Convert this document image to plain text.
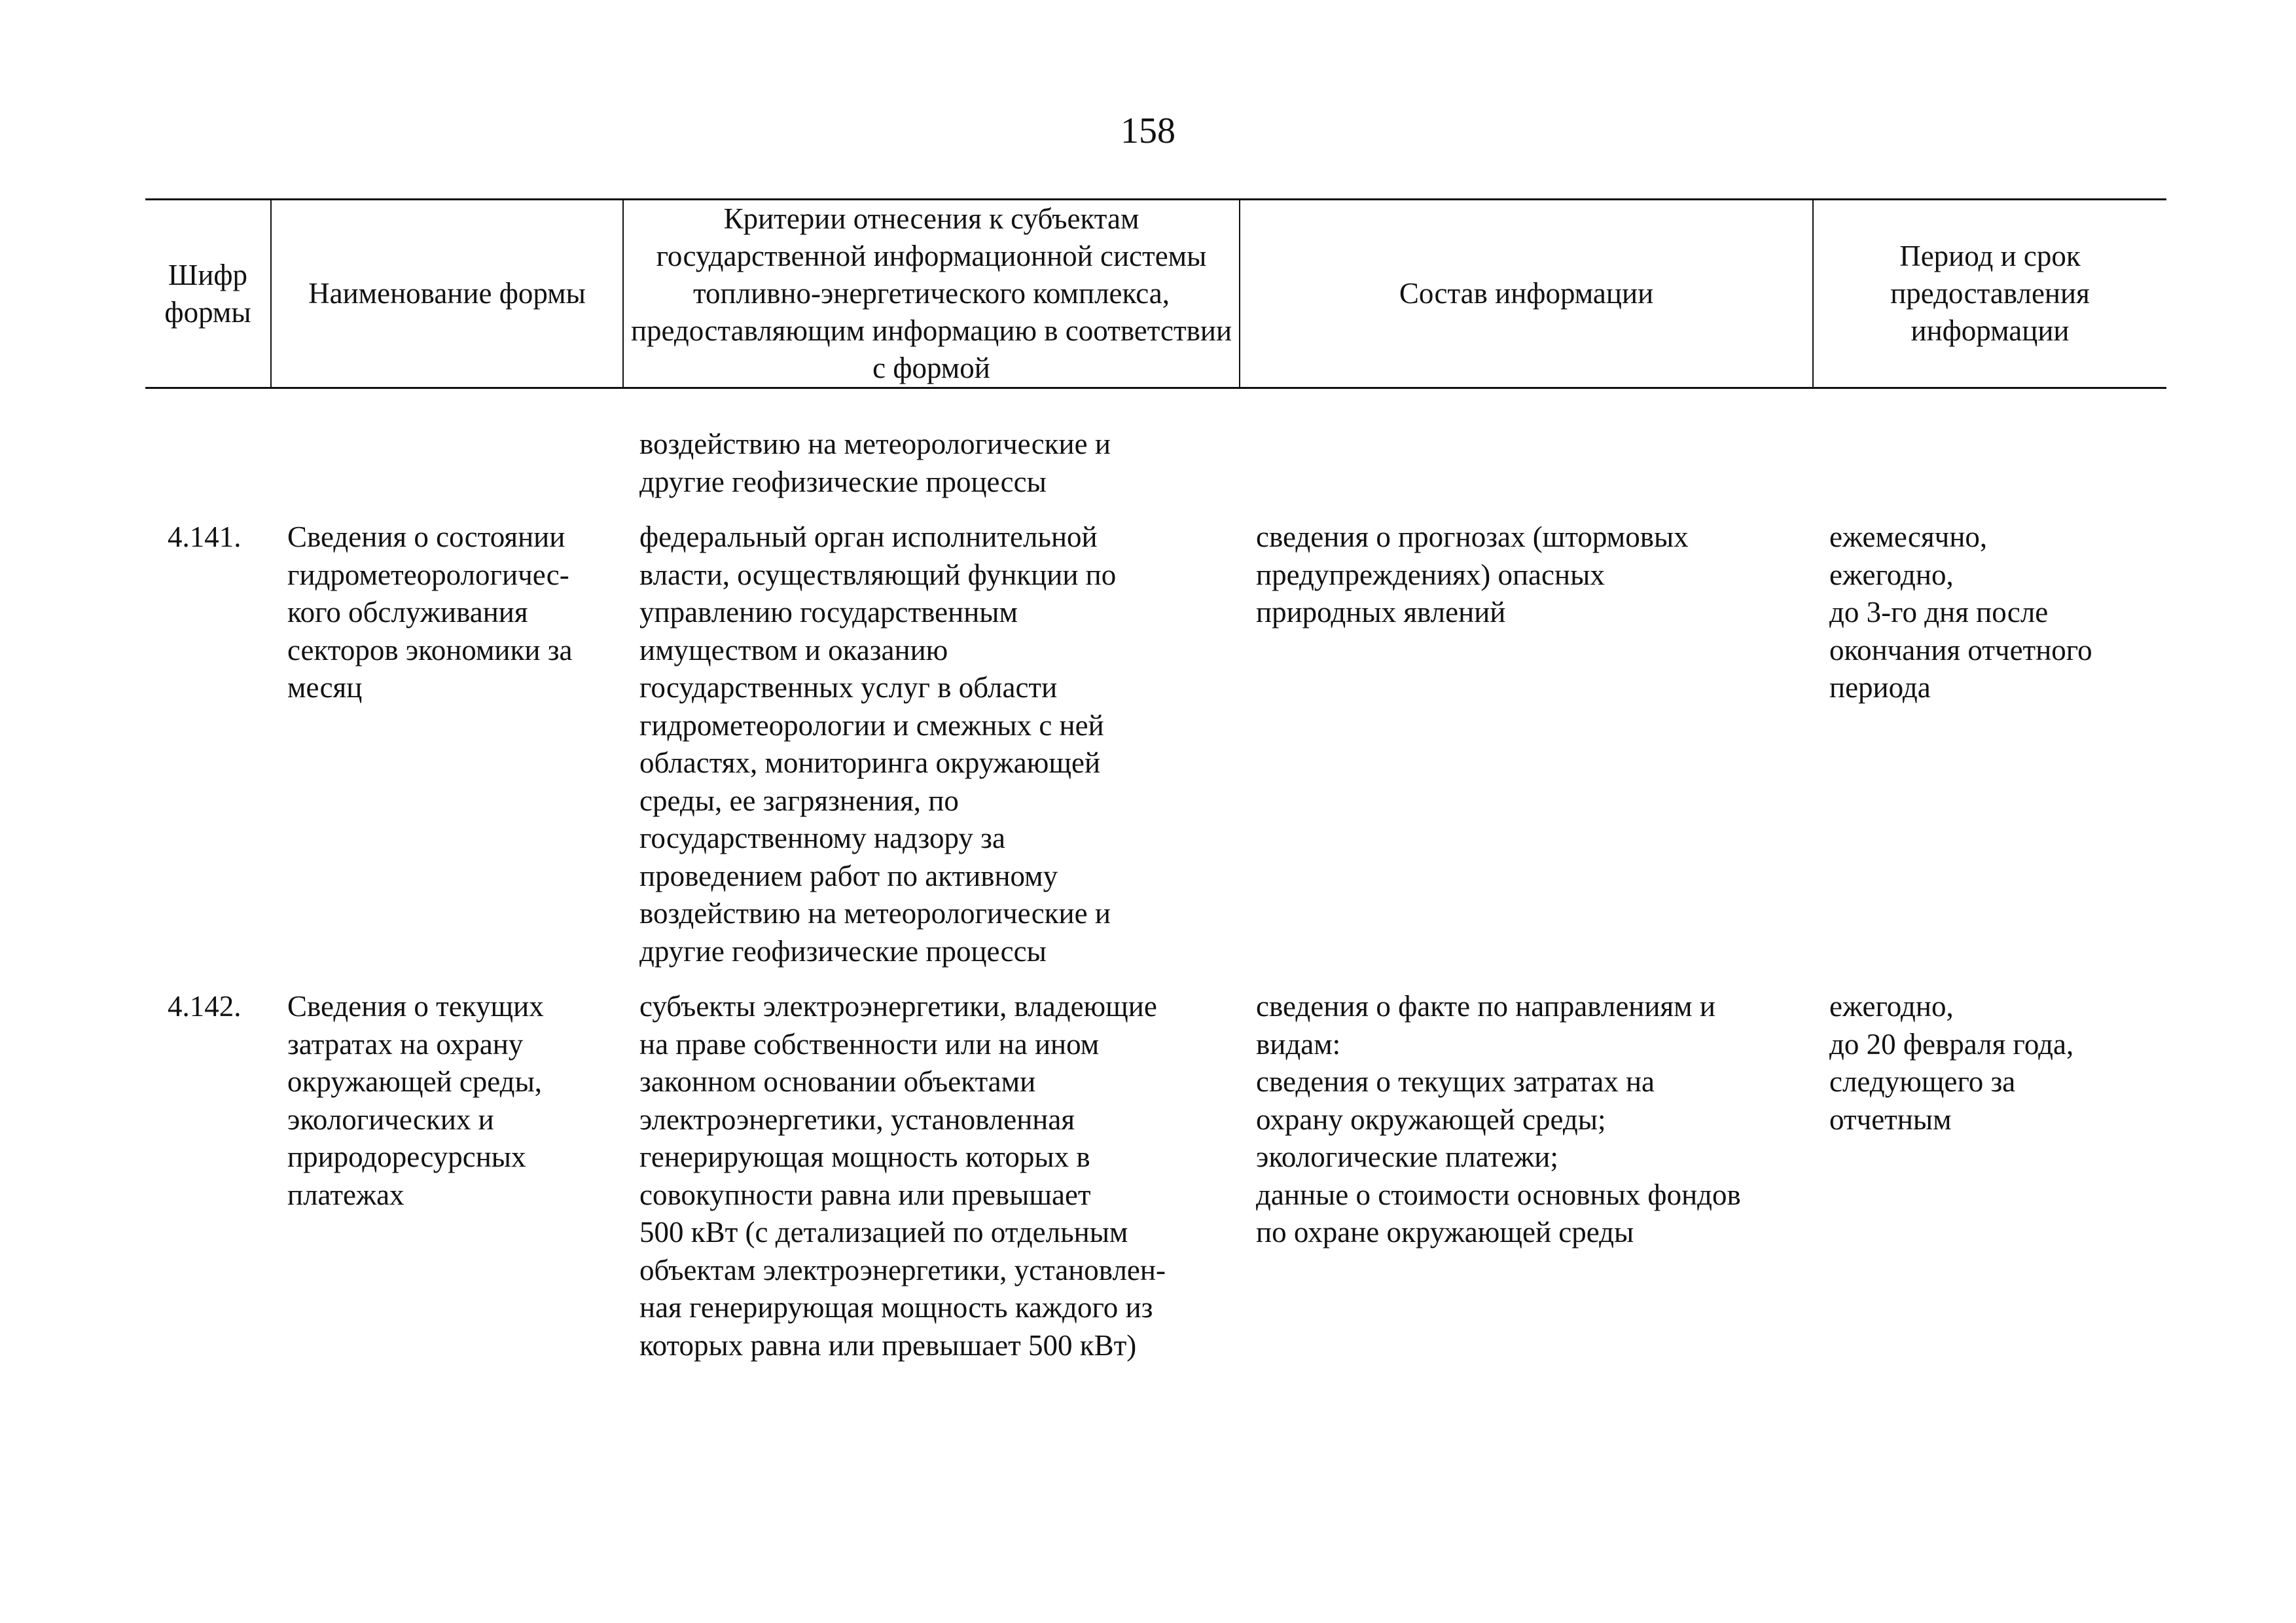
158
Шифр формы
Наименование формы
Критерии отнесения к субъектам государственной информационной системы топливно-энергетического комплекса, предоставляющим информацию в соответствии с формой
Состав информации
Период и срок предоставления информации
воздействию на метеорологические и
другие геофизические процессы
4.141.	Сведения о состоянии
гидрометеорологичес-
кого обслуживания
секторов экономики за
месяц
федеральный орган исполнительной
власти, осуществляющий функции по
управлению государственным
имуществом и оказанию
государственных услуг в области
гидрометеорологии и смежных с ней
областях, мониторинга окружающей
среды, ее загрязнения, по
государственному надзору за
проведением работ по активному
воздействию на метеорологические и
другие геофизические процессы
сведения о прогнозах (штормовых
предупреждениях) опасных
природных явлений
ежемесячно,
ежегодно,
до 3-го дня после
окончания отчетного
периода
4.142.	Сведения о текущих
затратах на охрану
окружающей среды,
экологических и
природоресурсных
платежах
субъекты электроэнергетики, владеющие
на праве собственности или на ином
законном основании объектами
электроэнергетики, установленная
генерирующая мощность которых в
совокупности равна или превышает
500 кВт (с детализацией по отдельным
объектам электроэнергетики, установлен-
ная генерирующая мощность каждого из
которых равна или превышает 500 кВт)
сведения о факте по направлениям и
видам:
сведения о текущих затратах на
охрану окружающей среды;
экологические платежи;
данные о стоимости основных фондов
по охране окружающей среды
ежегодно,
до 20 февраля года,
следующего за
отчетным
